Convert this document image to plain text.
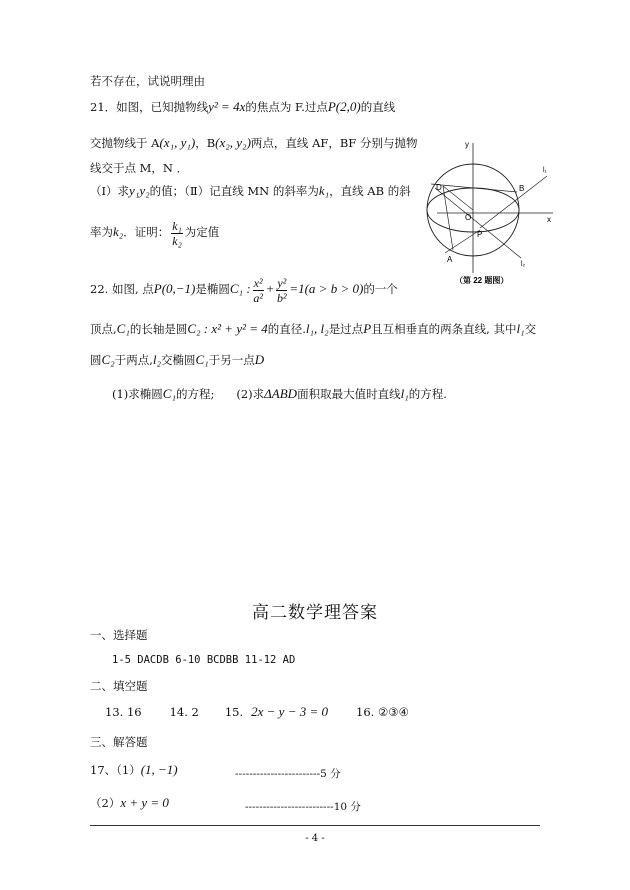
若不存在，试说明理由
21．如图，已知抛物线y² = 4x的焦点为 F.过点P(2,0)的直线
交抛物线于 A(x₁, y₁)，B(x₂, y₂)两点，直线 AF，BF 分别与抛物
线交于点 M，N ．
（Ⅰ）求y₁y₂的值；（Ⅱ）记直线 MN 的斜率为k₁，直线 AB 的斜
率为k₂．证明： $\frac{\text{k₁}}{\text{k₂}}$ 为定值
y
x
O
D	B
P
A
l₁
l₂
（第 22 题图）
22. 如图, 点P(0,−1)是椭圆C₁ : $\frac{\text{x²}}{\text{a²}} + \frac{\text{y²}}{\text{b²}} =1(a > b > 0)$的一个
顶点,C₁的长轴是圆C₂ : x² + y² = 4的直径.l₁, l₂是过点P且互相垂直的两条直线, 其中l₁交
圆C₂于两点,l₂交椭圆C₁于另一点D
(1)求椭圆C₁的方程; (2)求ΔABD面积取最大值时直线l₁的方程.
高二数学理答案
一、选择题
1-5 DACDB 6-10 BCDBB 11-12 AD
二、填空题
13. 16 14. 2 15. 2x − y − 3 = 0 16. ②③④
三、解答题
17、（1）(1, −1)	------------------------5 分
（2）x + y = 0	-------------------------10 分
- 4 -
